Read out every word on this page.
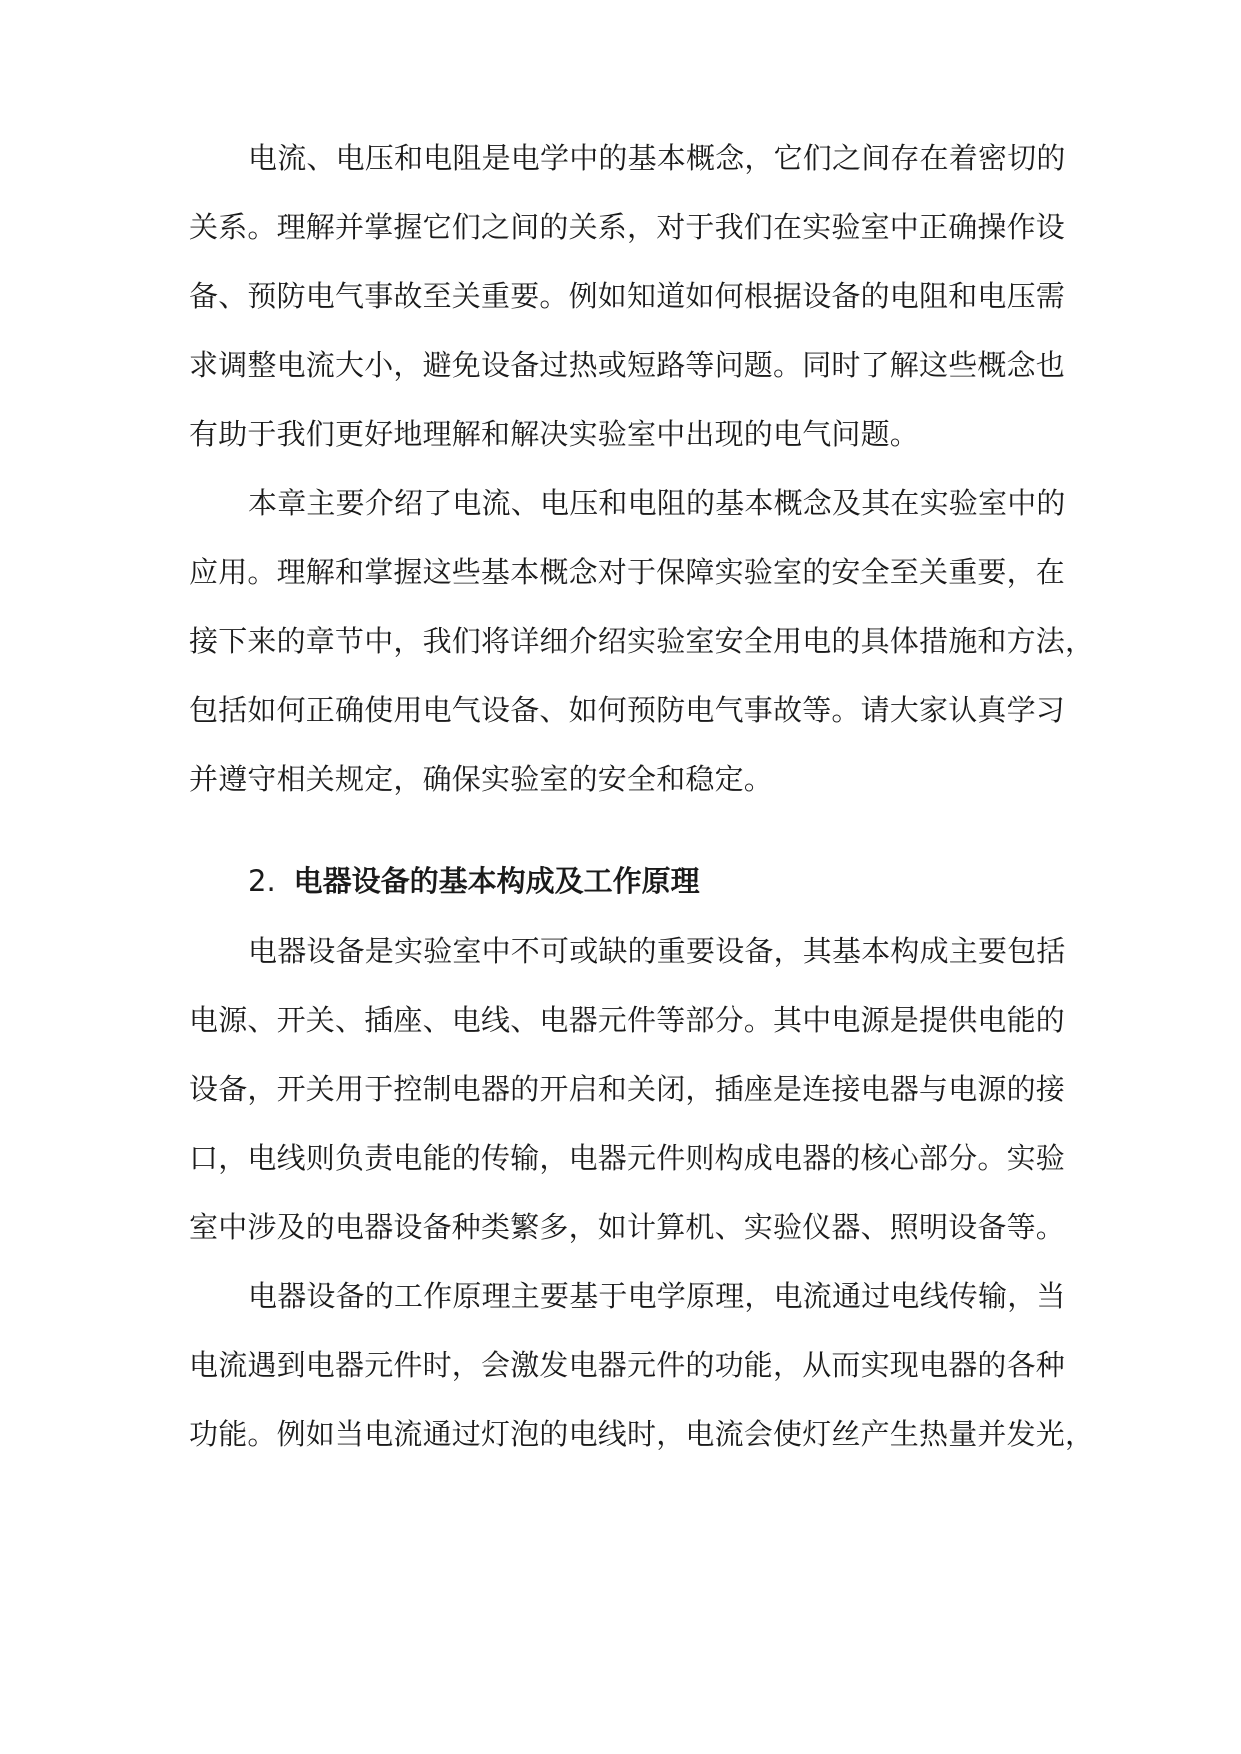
电流、电压和电阻是电学中的基本概念，它们之间存在着密切的
关系。理解并掌握它们之间的关系，对于我们在实验室中正确操作设
备、预防电气事故至关重要。例如知道如何根据设备的电阻和电压需
求调整电流大小，避免设备过热或短路等问题。同时了解这些概念也
有助于我们更好地理解和解决实验室中出现的电气问题。
本章主要介绍了电流、电压和电阻的基本概念及其在实验室中的
应用。理解和掌握这些基本概念对于保障实验室的安全至关重要，在
接下来的章节中，我们将详细介绍实验室安全用电的具体措施和方法，
包括如何正确使用电气设备、如何预防电气事故等。请大家认真学习
并遵守相关规定，确保实验室的安全和稳定。
2. 电器设备的基本构成及工作原理
电器设备是实验室中不可或缺的重要设备，其基本构成主要包括
电源、开关、插座、电线、电器元件等部分。其中电源是提供电能的
设备，开关用于控制电器的开启和关闭，插座是连接电器与电源的接
口，电线则负责电能的传输，电器元件则构成电器的核心部分。实验
室中涉及的电器设备种类繁多，如计算机、实验仪器、照明设备等。
电器设备的工作原理主要基于电学原理，电流通过电线传输，当
电流遇到电器元件时，会激发电器元件的功能，从而实现电器的各种
功能。例如当电流通过灯泡的电线时，电流会使灯丝产生热量并发光，
